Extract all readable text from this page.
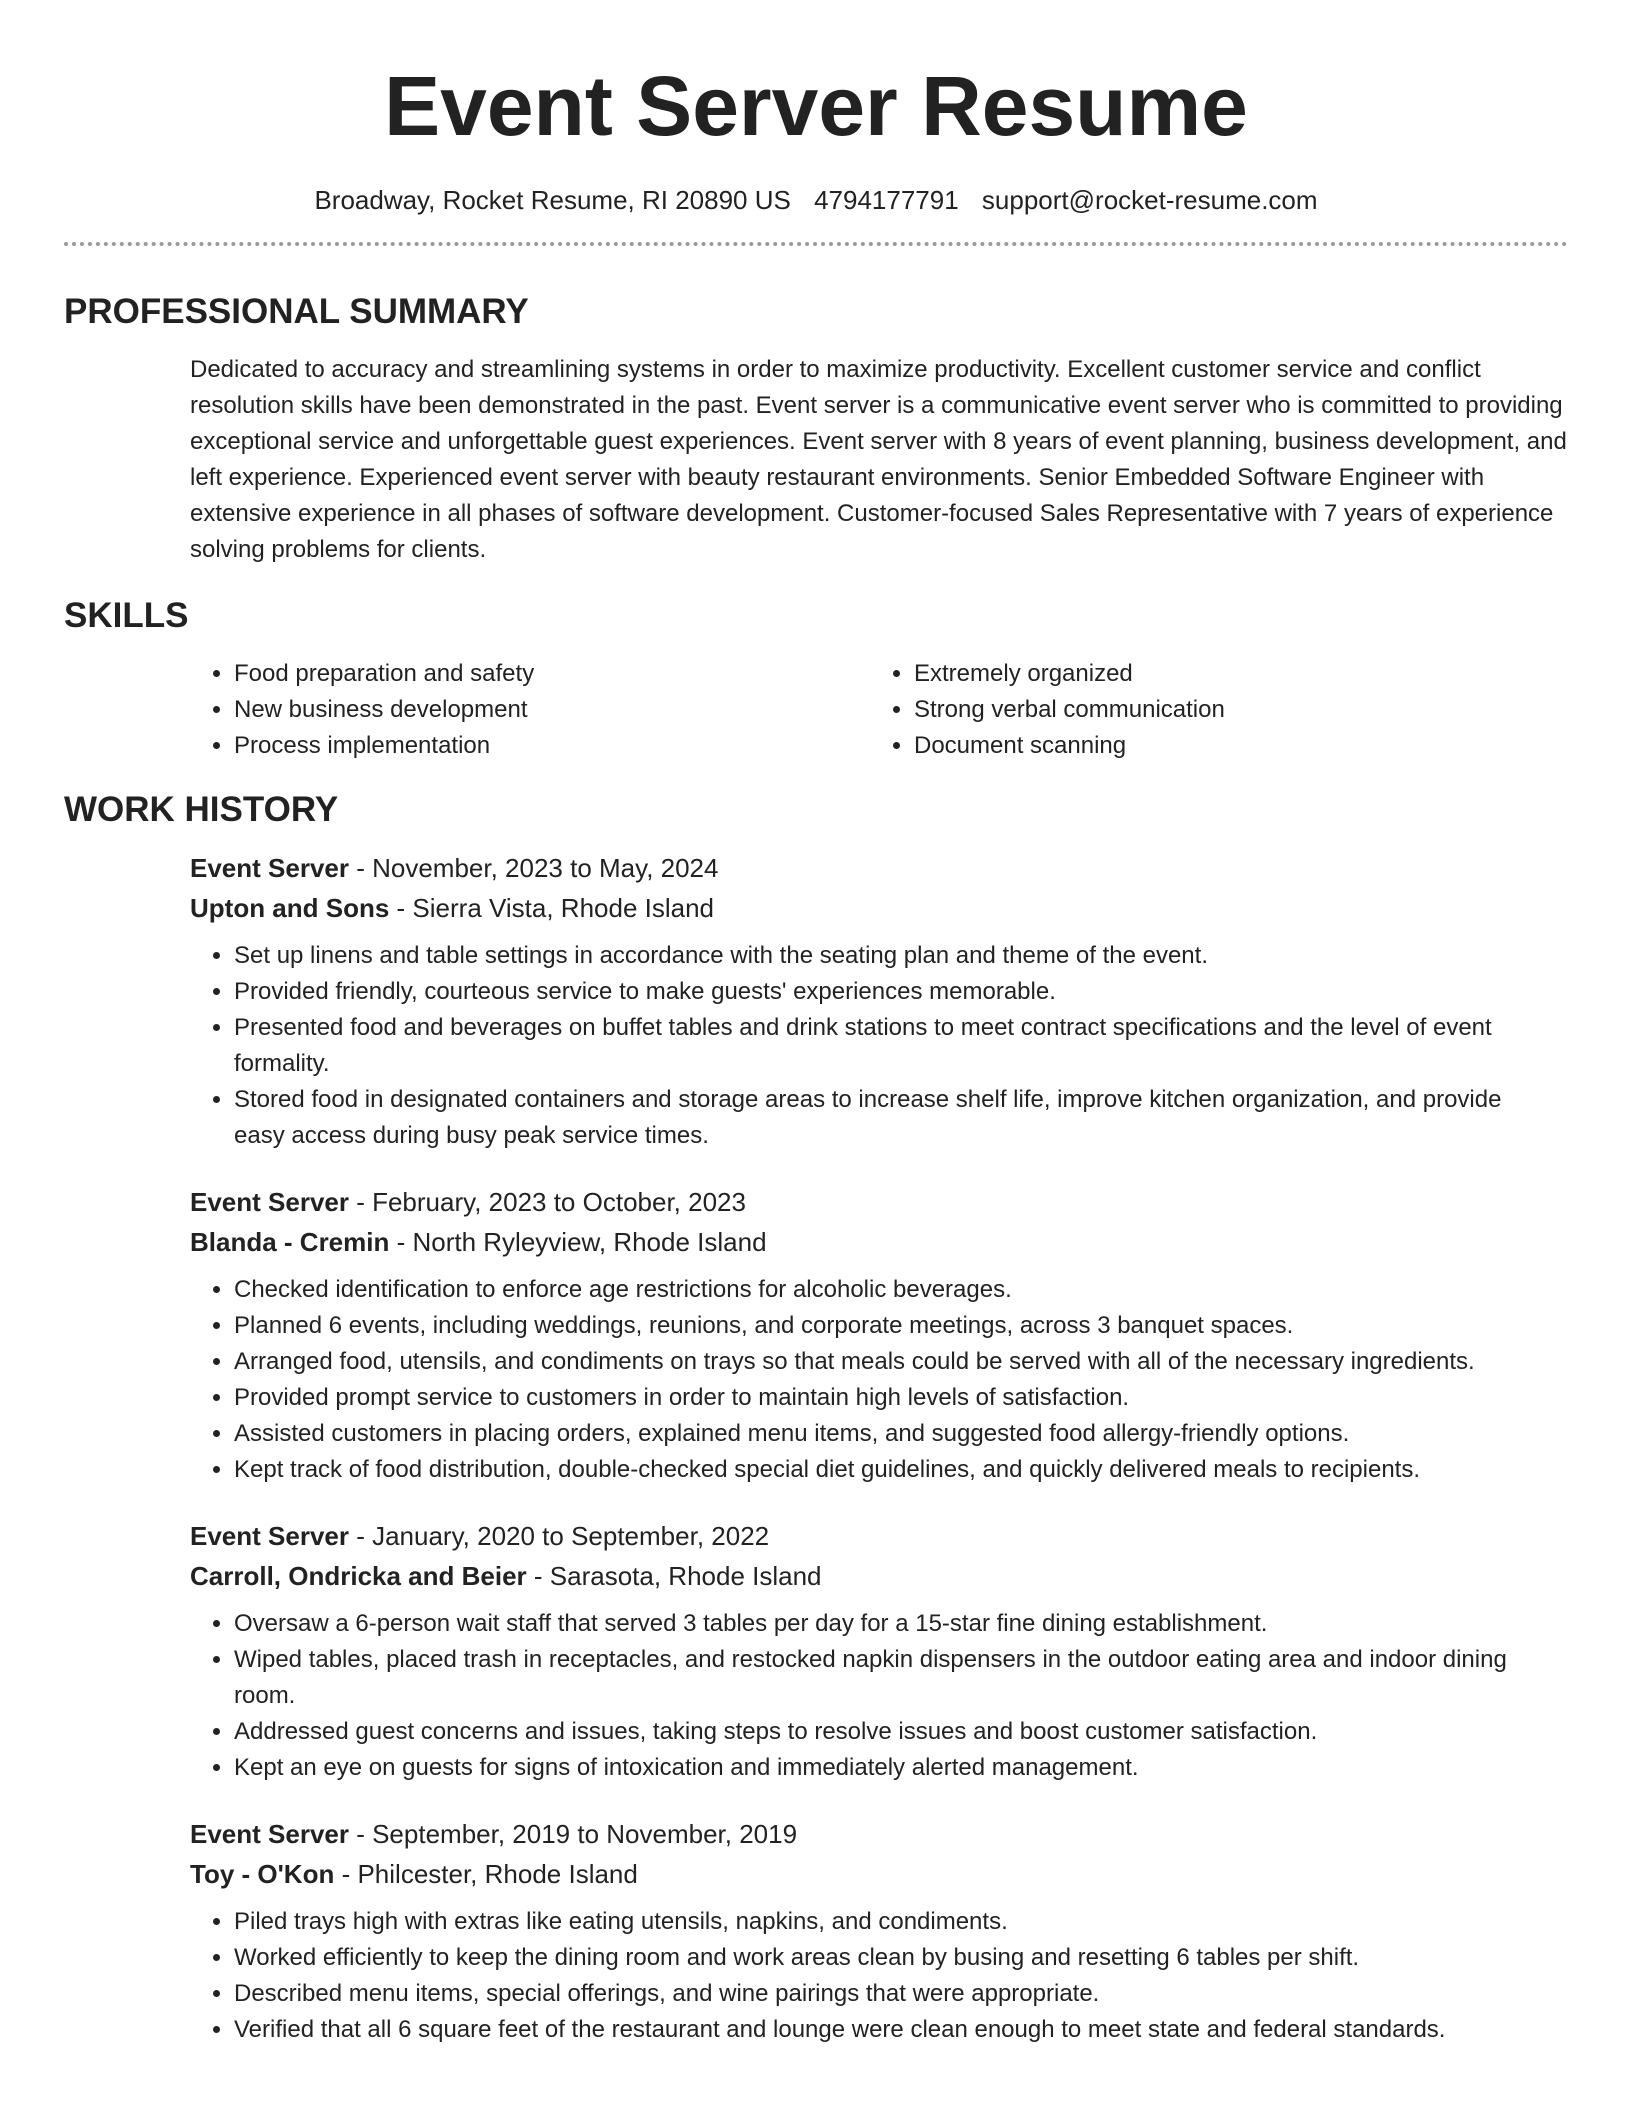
Event Server Resume
Broadway, Rocket Resume, RI 20890 US 4794177791 support@rocket-resume.com
PROFESSIONAL SUMMARY
Dedicated to accuracy and streamlining systems in order to maximize productivity. Excellent customer service and conflict resolution skills have been demonstrated in the past. Event server is a communicative event server who is committed to providing exceptional service and unforgettable guest experiences. Event server with 8 years of event planning, business development, and left experience. Experienced event server with beauty restaurant environments. Senior Embedded Software Engineer with extensive experience in all phases of software development. Customer-focused Sales Representative with 7 years of experience solving problems for clients.
SKILLS
• Food preparation and safety
• New business development
• Process implementation
• Extremely organized
• Strong verbal communication
• Document scanning
WORK HISTORY
Event Server - November, 2023 to May, 2024
Upton and Sons - Sierra Vista, Rhode Island
• Set up linens and table settings in accordance with the seating plan and theme of the event.
• Provided friendly, courteous service to make guests' experiences memorable.
• Presented food and beverages on buffet tables and drink stations to meet contract specifications and the level of event formality.
• Stored food in designated containers and storage areas to increase shelf life, improve kitchen organization, and provide easy access during busy peak service times.
Event Server - February, 2023 to October, 2023
Blanda - Cremin - North Ryleyview, Rhode Island
• Checked identification to enforce age restrictions for alcoholic beverages.
• Planned 6 events, including weddings, reunions, and corporate meetings, across 3 banquet spaces.
• Arranged food, utensils, and condiments on trays so that meals could be served with all of the necessary ingredients.
• Provided prompt service to customers in order to maintain high levels of satisfaction.
• Assisted customers in placing orders, explained menu items, and suggested food allergy-friendly options.
• Kept track of food distribution, double-checked special diet guidelines, and quickly delivered meals to recipients.
Event Server - January, 2020 to September, 2022
Carroll, Ondricka and Beier - Sarasota, Rhode Island
• Oversaw a 6-person wait staff that served 3 tables per day for a 15-star fine dining establishment.
• Wiped tables, placed trash in receptacles, and restocked napkin dispensers in the outdoor eating area and indoor dining room.
• Addressed guest concerns and issues, taking steps to resolve issues and boost customer satisfaction.
• Kept an eye on guests for signs of intoxication and immediately alerted management.
Event Server - September, 2019 to November, 2019
Toy - O'Kon - Philcester, Rhode Island
• Piled trays high with extras like eating utensils, napkins, and condiments.
• Worked efficiently to keep the dining room and work areas clean by busing and resetting 6 tables per shift.
• Described menu items, special offerings, and wine pairings that were appropriate.
• Verified that all 6 square feet of the restaurant and lounge were clean enough to meet state and federal standards.
